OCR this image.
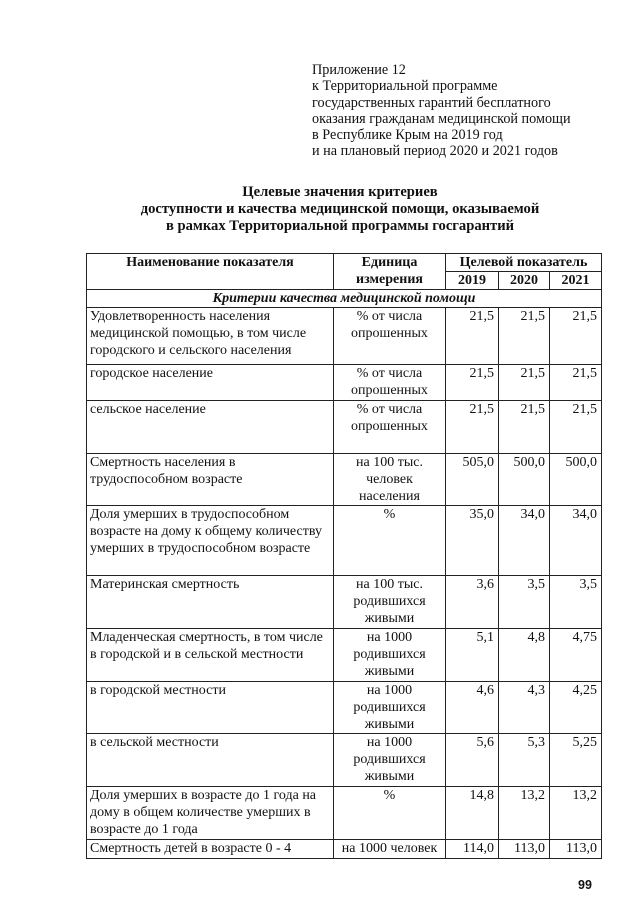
Приложение 12
к Территориальной программе
государственных гарантий бесплатного
оказания гражданам медицинской помощи
в Республике Крым на 2019 год
и на плановый период 2020 и 2021 годов
Целевые значения критериев
доступности и качества медицинской помощи, оказываемой
в рамках Территориальной программы госгарантий
Наименование показателя	Единица измерения	Целевой показатель		
		2019	2020	2021
Критерии качества медицинской помощи				
Удовлетворенность населения медицинской помощью, в том числе городского и сельского населения	% от числа опрошенных	21,5	21,5	21,5
городское население	% от числа опрошенных	21,5	21,5	21,5
сельское население	% от числа опрошенных	21,5	21,5	21,5
Смертность населения в трудоспособном возрасте	на 100 тыс. человек населения	505,0	500,0	500,0
Доля умерших в трудоспособном возрасте на дому к общему количеству умерших в трудоспособном возрасте	%	35,0	34,0	34,0
Материнская смертность	на 100 тыс. родившихся живыми	3,6	3,5	3,5
Младенческая смертность, в том числе в городской и в сельской местности	на 1000 родившихся живыми	5,1	4,8	4,75
в городской местности	на 1000 родившихся живыми	4,6	4,3	4,25
в сельской местности	на 1000 родившихся живыми	5,6	5,3	5,25
Доля умерших в возрасте до 1 года на дому в общем количестве умерших в возрасте до 1 года	%	14,8	13,2	13,2
Смертность детей в возрасте 0 - 4	на 1000 человек	114,0	113,0	113,0
99
